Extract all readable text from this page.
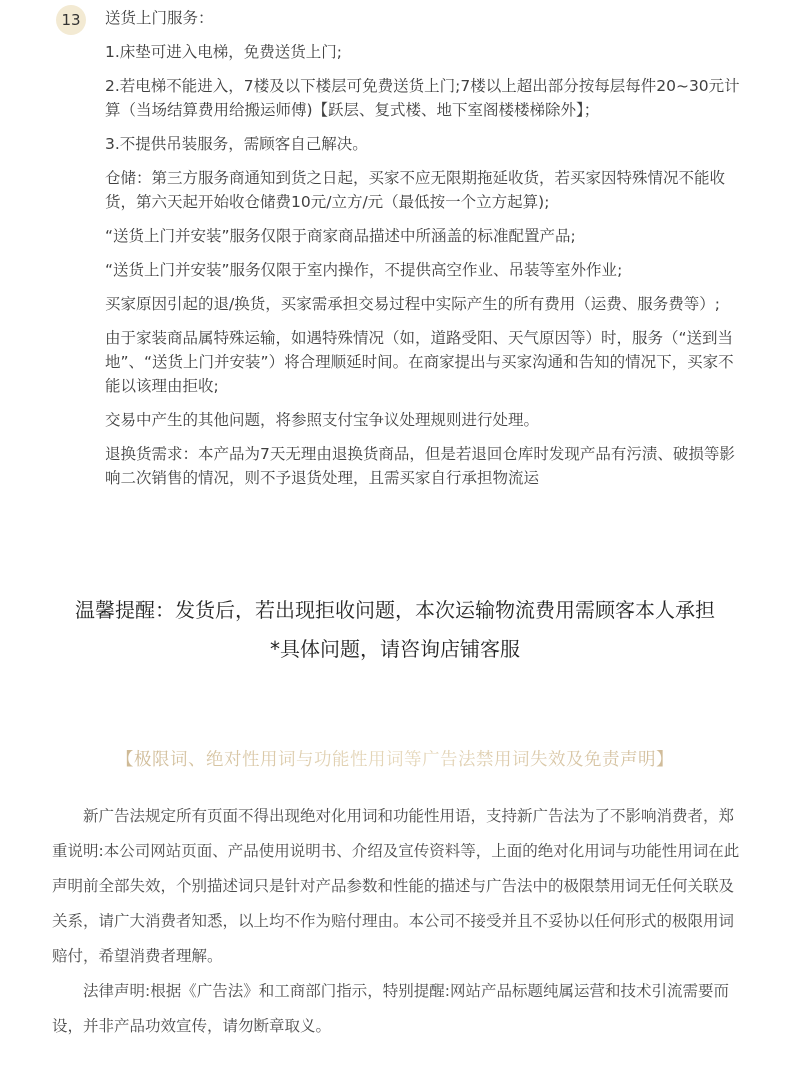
13	送货上门服务：

1.床垫可进入电梯，免费送货上门;

2.若电梯不能进入，7楼及以下楼层可免费送货上门;7楼以上超出部分按每层每件20~30元计算（当场结算费用给搬运师傅)【跃层、复式楼、地下室阁楼楼梯除外】；

3.不提供吊装服务，需顾客自己解决。

仓储：第三方服务商通知到货之日起，买家不应无限期拖延收货，若买家因特殊情况不能收货，第六天起开始收仓储费10元/立方/元（最低按一个立方起算);

“送货上门并安装”服务仅限于商家商品描述中所涵盖的标准配置产品;

“送货上门并安装”服务仅限于室内操作，不提供高空作业、吊装等室外作业;

买家原因引起的退/换货，买家需承担交易过程中实际产生的所有费用（运费、服务费等）;

由于家装商品属特殊运输，如遇特殊情况（如，道路受阳、天气原因等）时，服务（“送到当地”、“送货上门并安装”）将合理顺延时间。在商家提出与买家沟通和告知的情况下，买家不能以该理由拒收;

交易中产生的其他问题，将参照支付宝争议处理规则进行处理。

退换货需求：本产品为7天无理由退换货商品，但是若退回仓库时发现产品有污渍、破损等影响二次销售的情况，则不予退货处理，且需买家自行承担物流运

温馨提醒：发货后，若出现拒收问题，本次运输物流费用需顾客本人承担
*具体问题，请咨询店铺客服
【极限词、绝对性用词与功能性用词等广告法禁用词失效及免责声明】

新广告法规定所有页面不得出现绝对化用词和功能性用语，支持新广告法为了不影响消费者，郑重说明:本公司网站页面、产品使用说明书、介绍及宣传资料等，上面的绝对化用词与功能性用词在此声明前全部失效，个别描述词只是针对产品参数和性能的描述与广告法中的极限禁用词无任何关联及关系，请广大消费者知悉，以上均不作为赔付理由。本公司不接受并且不妥协以任何形式的极限用词赔付，希望消费者理解。

法律声明:根据《广告法》和工商部门指示，特别提醒:网站产品标题纯属运营和技术引流需要而设，并非产品功效宣传，请勿断章取义。
